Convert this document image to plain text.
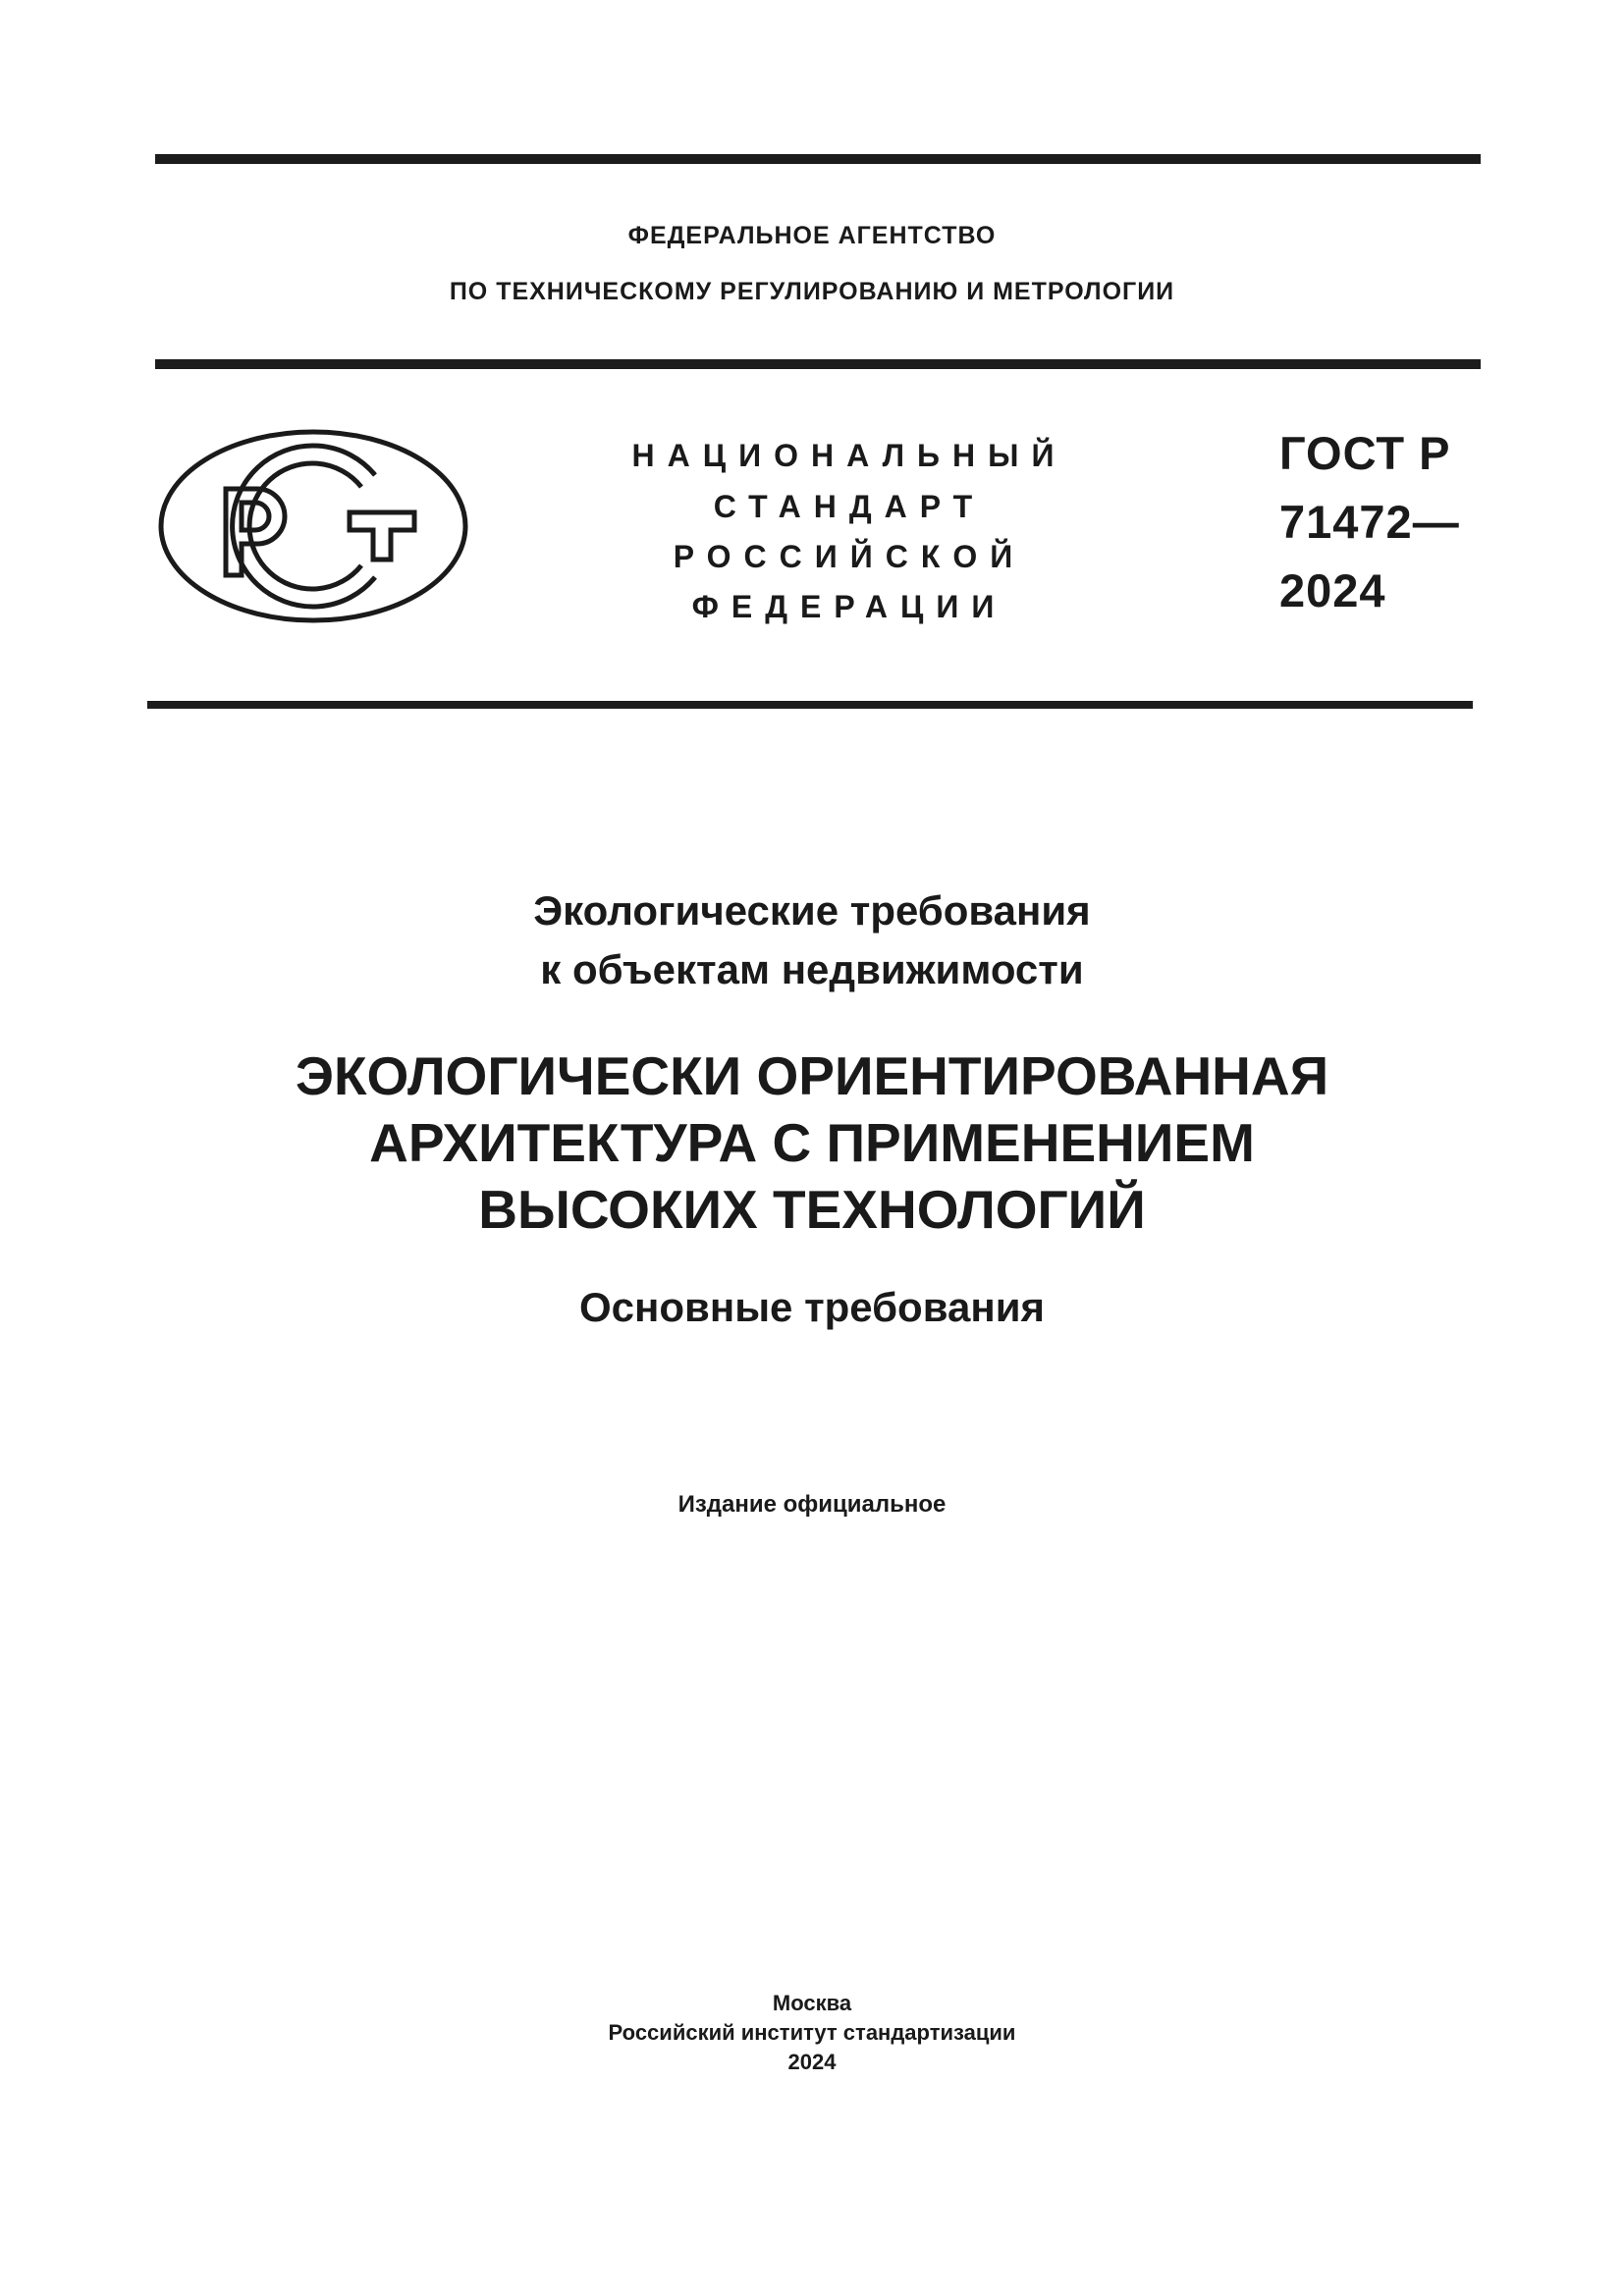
ФЕДЕРАЛЬНОЕ АГЕНТСТВО
ПО ТЕХНИЧЕСКОМУ РЕГУЛИРОВАНИЮ И МЕТРОЛОГИИ
НАЦИОНАЛЬНЫЙ
СТАНДАРТ
РОССИЙСКОЙ
ФЕДЕРАЦИИ
ГОСТ Р
71472—
2024
Экологические требования
к объектам недвижимости
ЭКОЛОГИЧЕСКИ ОРИЕНТИРОВАННАЯ
АРХИТЕКТУРА С ПРИМЕНЕНИЕМ
ВЫСОКИХ ТЕХНОЛОГИЙ
Основные требования
Издание официальное
Москва
Российский институт стандартизации
2024
